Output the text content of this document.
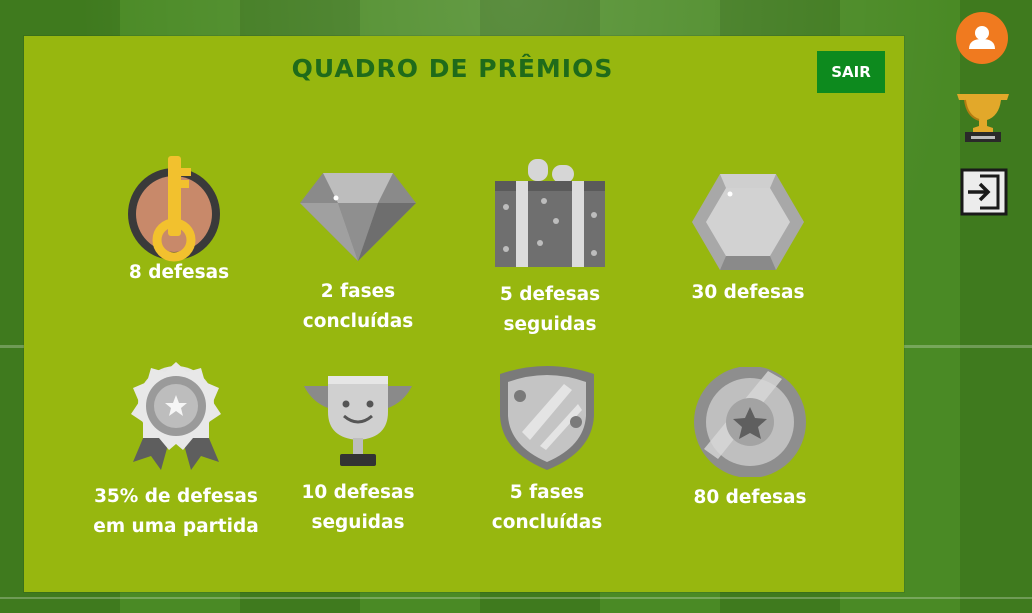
QUADRO DE PRÊMIOS	SAIR
8 defesas
2 fases
concluídas
5 defesas
seguidas
30 defesas
35% de defesas
em uma partida
10 defesas
seguidas
5 fases
concluídas
80 defesas
